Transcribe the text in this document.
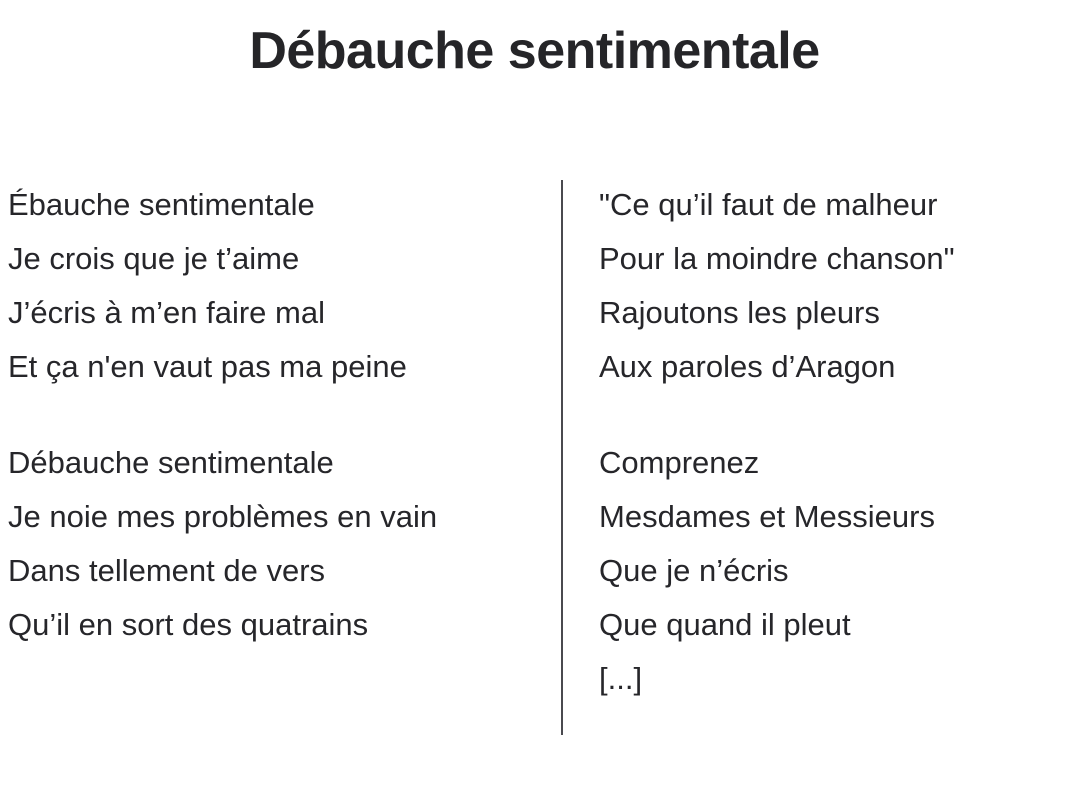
Débauche sentimentale
Ébauche sentimentale
Je crois que je t’aime
J’écris à m’en faire mal
Et ça n'en vaut pas ma peine
Débauche sentimentale
Je noie mes problèmes en vain
Dans tellement de vers
Qu’il en sort des quatrains
"Ce qu’il faut de malheur
Pour la moindre chanson"
Rajoutons les pleurs
Aux paroles d’Aragon
Comprenez
Mesdames et Messieurs
Que je n’écris
Que quand il pleut
[...]
